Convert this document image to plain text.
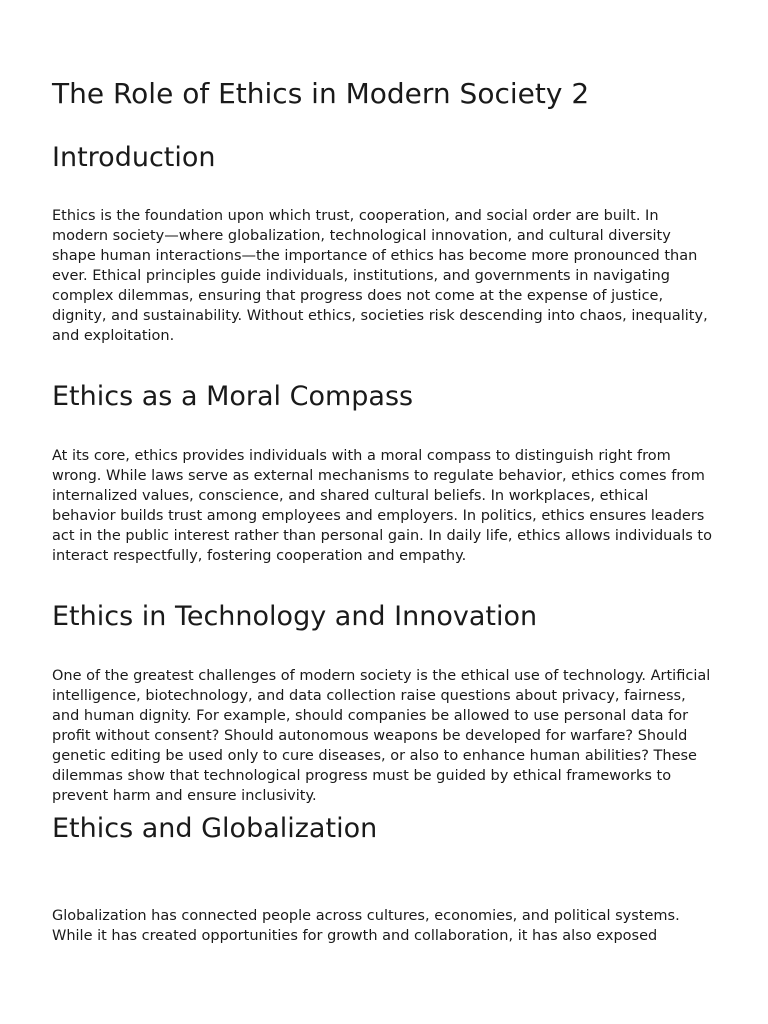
The Role of Ethics in Modern Society 2
Introduction

Ethics is the foundation upon which trust, cooperation, and social order are built. In modern society—where globalization, technological innovation, and cultural diversity shape human interactions—the importance of ethics has become more pronounced than ever. Ethical principles guide individuals, institutions, and governments in navigating complex dilemmas, ensuring that progress does not come at the expense of justice, dignity, and sustainability. Without ethics, societies risk descending into chaos, inequality, and exploitation.

Ethics as a Moral Compass

At its core, ethics provides individuals with a moral compass to distinguish right from wrong. While laws serve as external mechanisms to regulate behavior, ethics comes from internalized values, conscience, and shared cultural beliefs. In workplaces, ethical behavior builds trust among employees and employers. In politics, ethics ensures leaders act in the public interest rather than personal gain. In daily life, ethics allows individuals to interact respectfully, fostering cooperation and empathy.

Ethics in Technology and Innovation

One of the greatest challenges of modern society is the ethical use of technology. Artificial intelligence, biotechnology, and data collection raise questions about privacy, fairness, and human dignity. For example, should companies be allowed to use personal data for profit without consent? Should autonomous weapons be developed for warfare? Should genetic editing be used only to cure diseases, or also to enhance human abilities? These dilemmas show that technological progress must be guided by ethical frameworks to prevent harm and ensure inclusivity.

Ethics and Globalization

Globalization has connected people across cultures, economies, and political systems. While it has created opportunities for growth and collaboration, it has also exposed
